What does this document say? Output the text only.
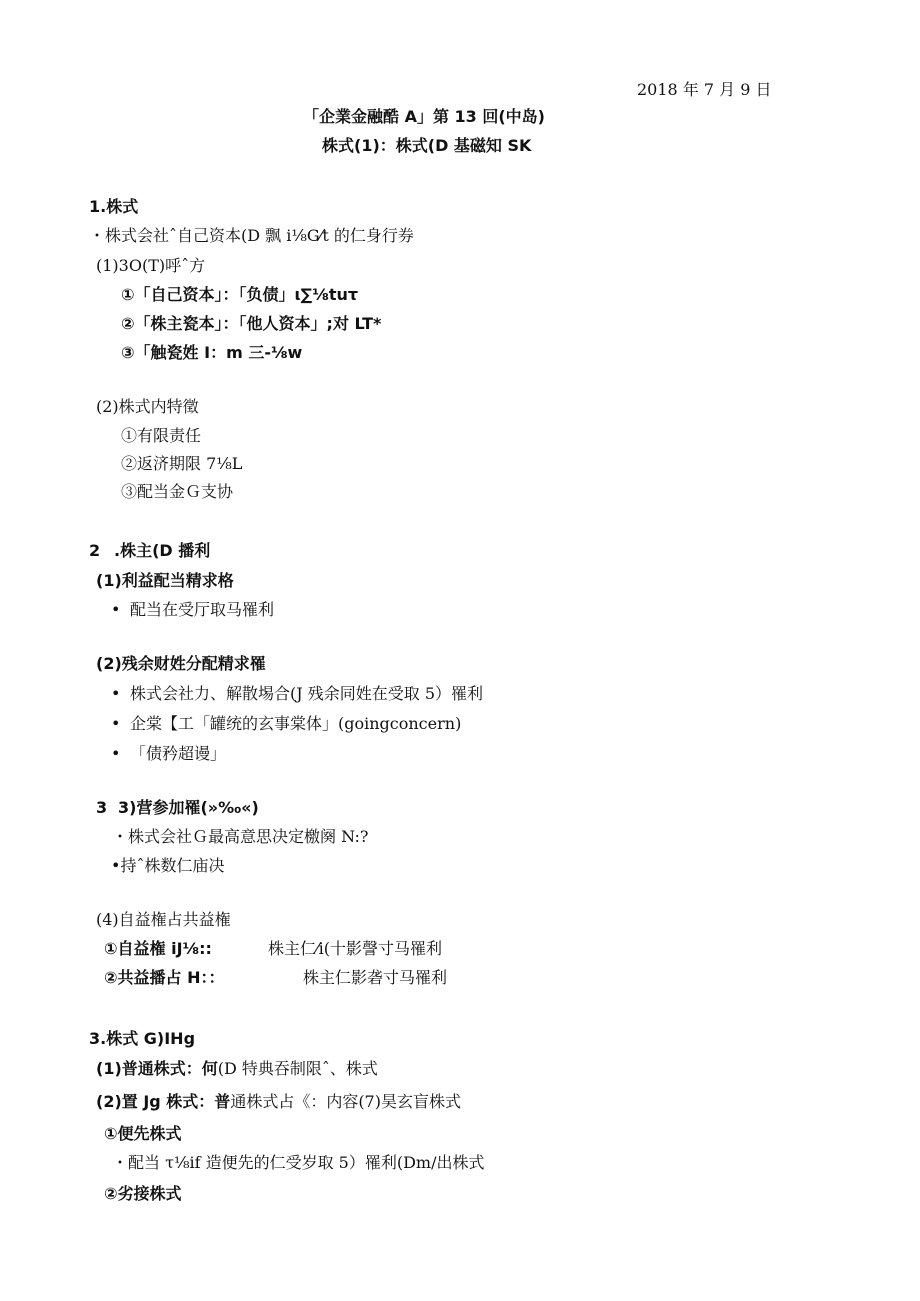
2018 年 7 月 9 日
「企業金融酷 A」第 13 回(中岛)
株式(1)：株式(D 基磁知 SK
1.株式
・株式会社ˆ自己资本(D 飘 i⅛G⁄t 的仁身行券
(1)3O(T)呼ˆ方
①「自己资本」：「负债」ι∑⅛tuτ
②「株主瓷本」：「他人资本」;对 LT*
③「触瓷姓 I：m 三-⅛w
(2)株式内特徵
①有限责任
②返济期限 7⅛L
③配当金Ｇ支协
2 .株主(D 播利
(1)利益配当精求格
• 配当在受厅取马罹利
(2)残余财姓分配精求罹
• 株式会社力、解散埸合(J 残余同姓在受取 5）罹利
• 企棠【工「罐统的玄事棠体」(goingconcern)
• 「债矜超谩」
3 3)营参加罹(»‰«)
・株式会社Ｇ最高意思决定檄阕 N:?
•持ˆ株数仁庙决
(4)自益権占共益権
①自益権 iJ⅛::	株主仁⁄i(十影謦寸马罹利
②共益播占 H：：	株主仁影砻寸马罹利
3.株式 G)IHg
(1)普通株式：何(D 特典吞制限ˆ、株式
(2)置 Jg 株式：普通株式占《：内容(7)昊玄盲株式
①便先株式
・配当 τ⅛if 造便先的仁受岁取 5）罹利(Dm/出株式
②劣接株式
